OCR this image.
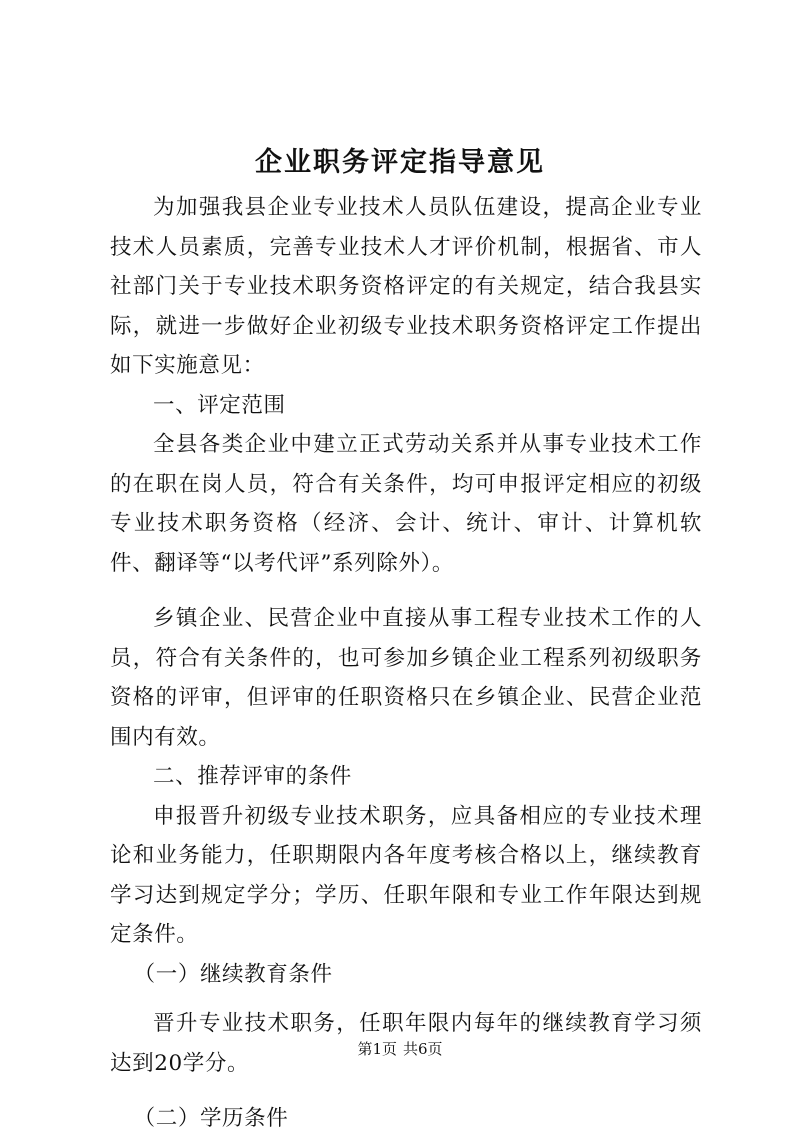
企业职务评定指导意见

为加强我县企业专业技术人员队伍建设，提高企业专业技术人员素质，完善专业技术人才评价机制，根据省、市人社部门关于专业技术职务资格评定的有关规定，结合我县实际，就进一步做好企业初级专业技术职务资格评定工作提出如下实施意见：

一、评定范围

全县各类企业中建立正式劳动关系并从事专业技术工作的在职在岗人员，符合有关条件，均可申报评定相应的初级专业技术职务资格（经济、会计、统计、审计、计算机软件、翻译等“以考代评”系列除外）。

乡镇企业、民营企业中直接从事工程专业技术工作的人员，符合有关条件的，也可参加乡镇企业工程系列初级职务资格的评审，但评审的任职资格只在乡镇企业、民营企业范围内有效。

二、推荐评审的条件

申报晋升初级专业技术职务，应具备相应的专业技术理论和业务能力，任职期限内各年度考核合格以上，继续教育学习达到规定学分；学历、任职年限和专业工作年限达到规定条件。

（一）继续教育条件

晋升专业技术职务，任职年限内每年的继续教育学习须达到20学分。

（二）学历条件

第1页 共6页
